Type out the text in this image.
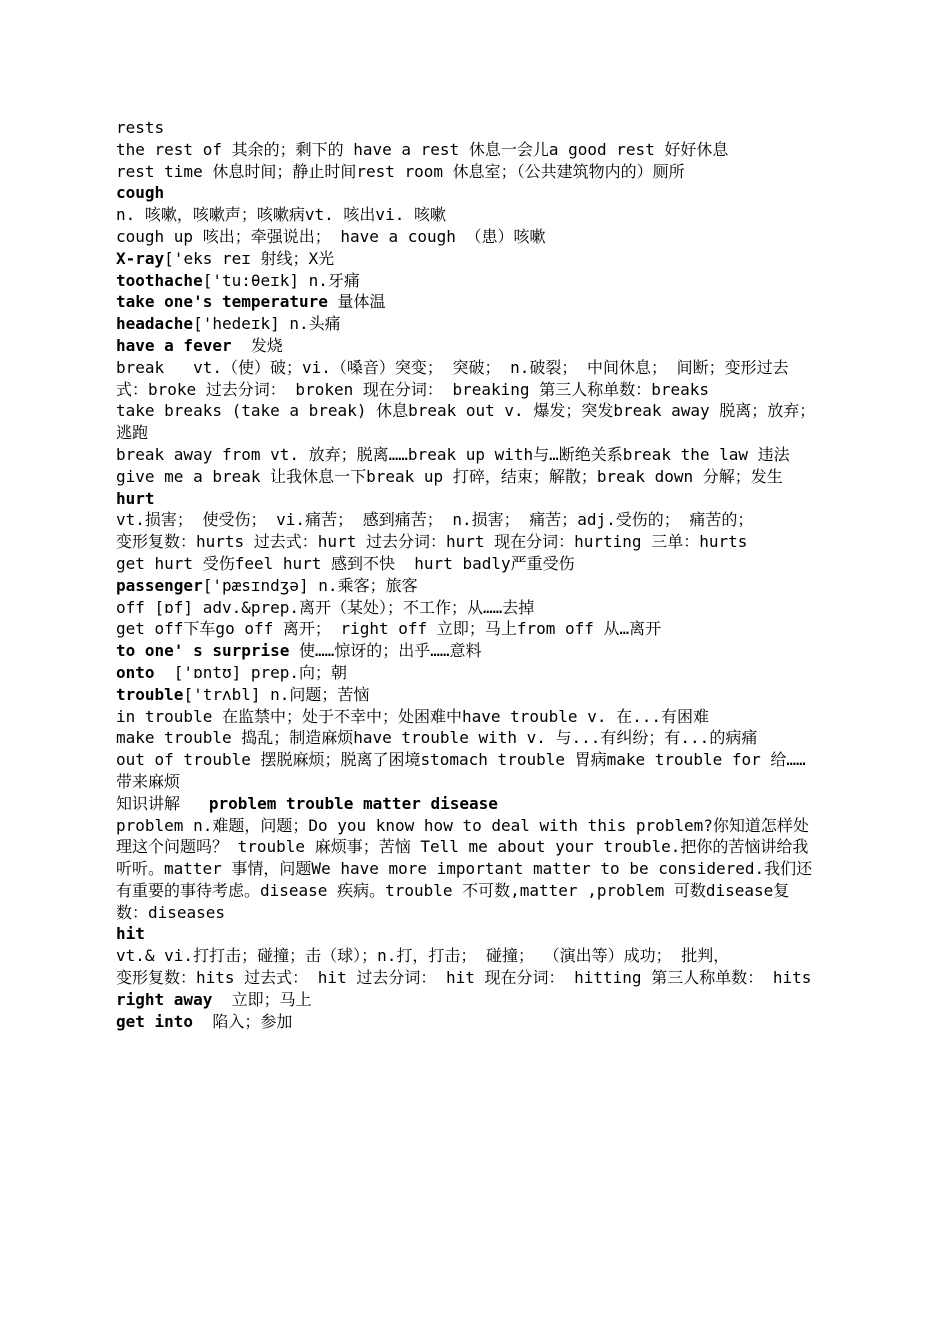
rests
the rest of 其余的；剩下的 have a rest 休息一会儿a good rest 好好休息
rest time 休息时间；静止时间rest room 休息室；（公共建筑物内的）厕所
cough
n. 咳嗽，咳嗽声；咳嗽病vt. 咳出vi. 咳嗽
cough up 咳出；牵强说出； have a cough （患）咳嗽
X-ray['eks reɪ 射线；X光
toothache['tu:θeɪk] n.牙痛
take one's temperature 量体温
headache['hedeɪk] n.头痛
have a fever  发烧
break   vt.（使）破；vi.（嗓音）突变； 突破； n.破裂； 中间休息； 间断；变形过去式：broke 过去分词： broken 现在分词： breaking 第三人称单数：breaks
take breaks (take a break) 休息break out v. 爆发；突发break away 脱离；放弃；逃跑
break away from vt. 放弃；脱离……break up with与…断绝关系break the law 违法
give me a break 让我休息一下break up 打碎，结束；解散；break down 分解；发生
hurt
vt.损害； 使受伤； vi.痛苦； 感到痛苦； n.损害； 痛苦；adj.受伤的； 痛苦的；
变形复数：hurts 过去式：hurt 过去分词：hurt 现在分词：hurting 三单：hurts
get hurt 受伤feel hurt 感到不快  hurt badly严重受伤
passenger['pæsɪndʒə] n.乘客；旅客
off [ɒf] adv.&prep.离开（某处）；不工作；从……去掉
get off下车go off 离开； right off 立即；马上from off 从…离开
to one' s surprise 使……惊讶的；出乎……意料
onto  ['ɒntʊ] prep.向；朝
trouble['trʌbl] n.问题；苦恼
in trouble 在监禁中；处于不幸中；处困难中have trouble v. 在...有困难
make trouble 捣乱；制造麻烦have trouble with v. 与...有纠纷；有...的病痛
out of trouble 摆脱麻烦；脱离了困境stomach trouble 胃病make trouble for 给……带来麻烦
知识讲解   problem trouble matter disease
problem n.难题，问题；Do you know how to deal with this problem?你知道怎样处理这个问题吗？ trouble 麻烦事；苦恼 Tell me about your trouble.把你的苦恼讲给我听听。matter 事情，问题We have more important matter to be considered.我们还有重要的事待考虑。disease 疾病。trouble 不可数,matter ,problem 可数disease复数：diseases
hit
vt.& vi.打打击；碰撞；击（球）；n.打，打击； 碰撞； （演出等）成功； 批判，
变形复数：hits 过去式： hit 过去分词： hit 现在分词： hitting 第三人称单数： hits
right away  立即；马上
get into  陷入；参加
